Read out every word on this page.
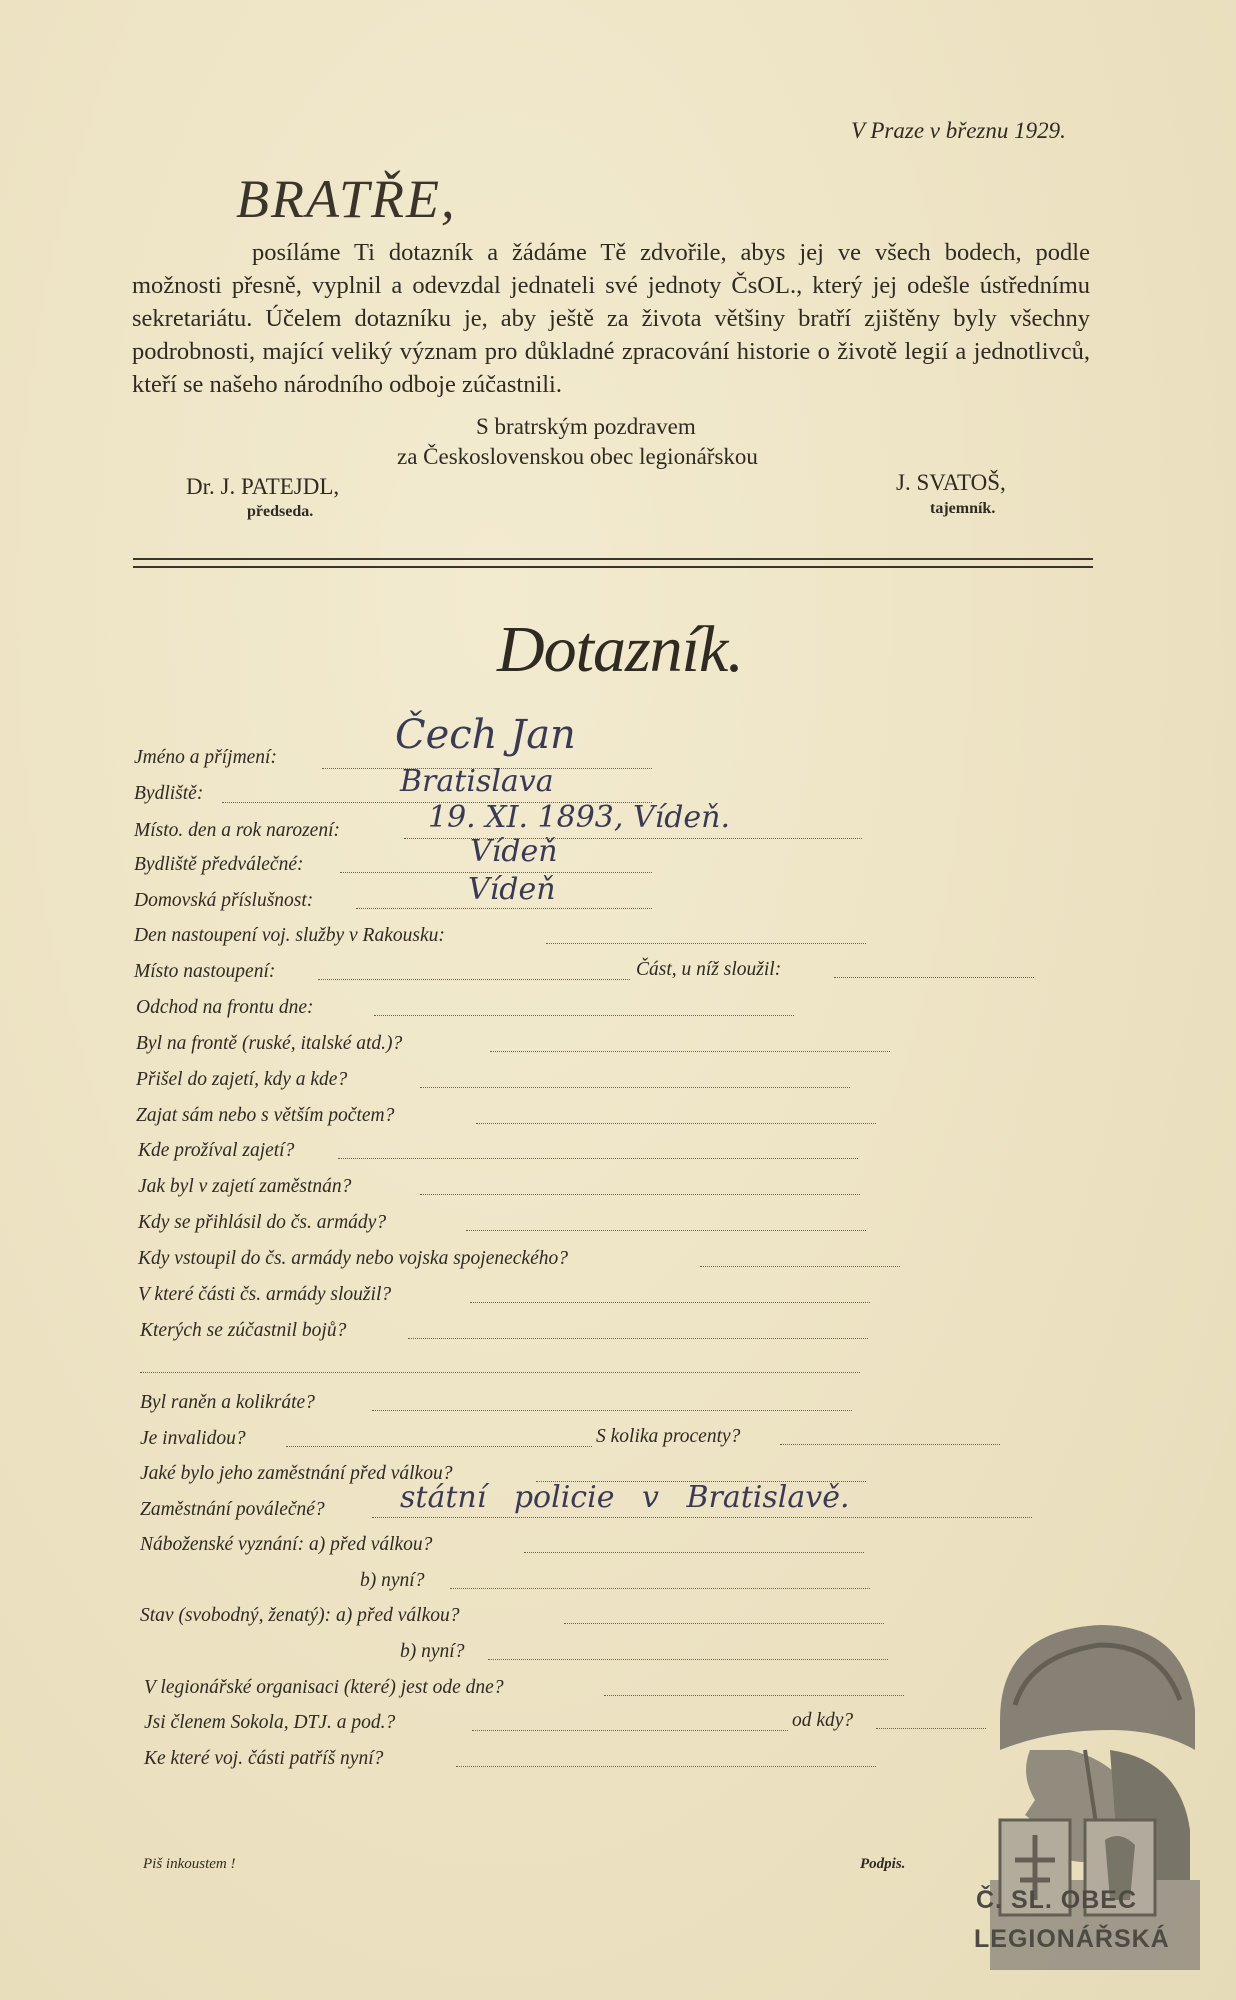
V Praze v březnu 1929.
BRATŘE,

posíláme Ti dotazník a žádáme Tě zdvořile, abys jej ve všech bodech, podle možnosti přesně, vyplnil a odevzdal jednateli své jednoty ČsOL., který jej odešle ústřednímu sekretariátu. Účelem dotazníku je, aby ještě za života většiny bratří zjištěny byly všechny podrobnosti, mající veliký význam pro důkladné zpracování historie o životě legií a jednotlivců, kteří se našeho národního odboje zúčastnili.

S bratrským pozdravem
za Československou obec legionářskou
Dr. J. PATEJDL,
předseda.
J. SVATOŠ,
tajemník.
Dotazník.
Jméno a příjmení:	Čech Jan
Bydliště:	Bratislava
Místo. den a rok narození:	19. XI. 1893, Vídeň.
Bydliště předválečné:	Vídeň
Domovská příslušnost:	Vídeň
Den nastoupení voj. služby v Rakousku:
Místo nastoupení:	Část, u níž sloužil:
Odchod na frontu dne:
Byl na frontě (ruské, italské atd.)?
Přišel do zajetí, kdy a kde?
Zajat sám nebo s větším počtem?
Kde prožíval zajetí?
Jak byl v zajetí zaměstnán?
Kdy se přihlásil do čs. armády?
Kdy vstoupil do čs. armády nebo vojska spojeneckého?
V které části čs. armády sloužil?
Kterých se zúčastnil bojů?
Byl raněn a kolikráte?
Je invalidou?	S kolika procenty?
Jaké bylo jeho zaměstnání před válkou?
Zaměstnání poválečné?	státní policie v Bratislavě.
Náboženské vyznání: a) před válkou?
b) nyní?
Stav (svobodný, ženatý): a) před válkou?
b) nyní?
V legionářské organisaci (které) jest ode dne?
Jsi členem Sokola, DTJ. a pod.?	od kdy?
Ke které voj. části patříš nyní?
Piš inkoustem !	Podpis.
Č. SL. OBEC
LEGIONÁŘSKÁ
